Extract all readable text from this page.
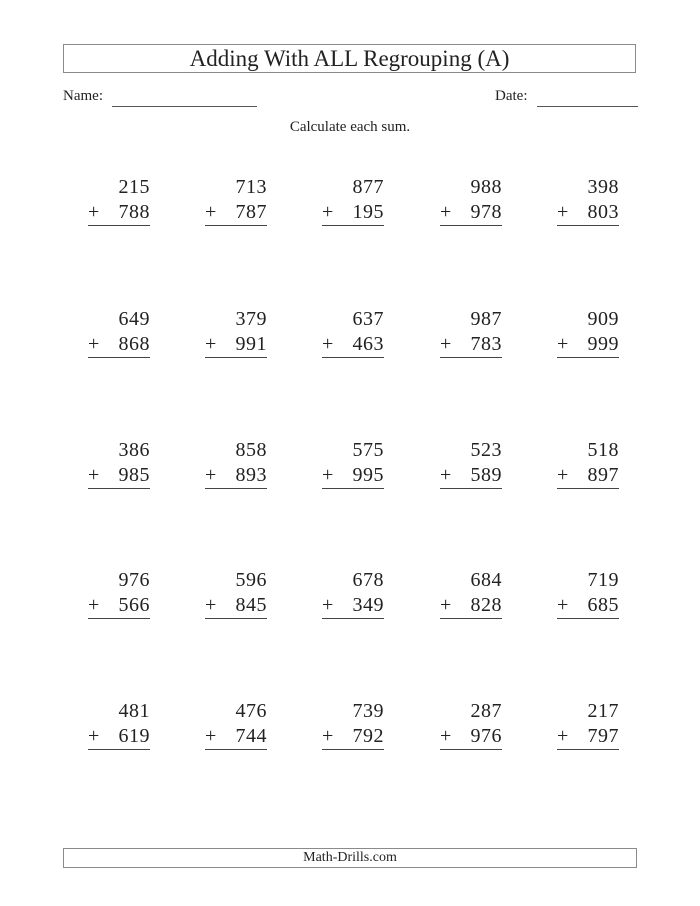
Adding With ALL Regrouping (A)
Name:	Date:
Calculate each sum.
215
+ 788
713
+ 787
877
+ 195
988
+ 978
398
+ 803
649
+ 868
379
+ 991
637
+ 463
987
+ 783
909
+ 999
386
+ 985
858
+ 893
575
+ 995
523
+ 589
518
+ 897
976
+ 566
596
+ 845
678
+ 349
684
+ 828
719
+ 685
481
+ 619
476
+ 744
739
+ 792
287
+ 976
217
+ 797
Math-Drills.com
